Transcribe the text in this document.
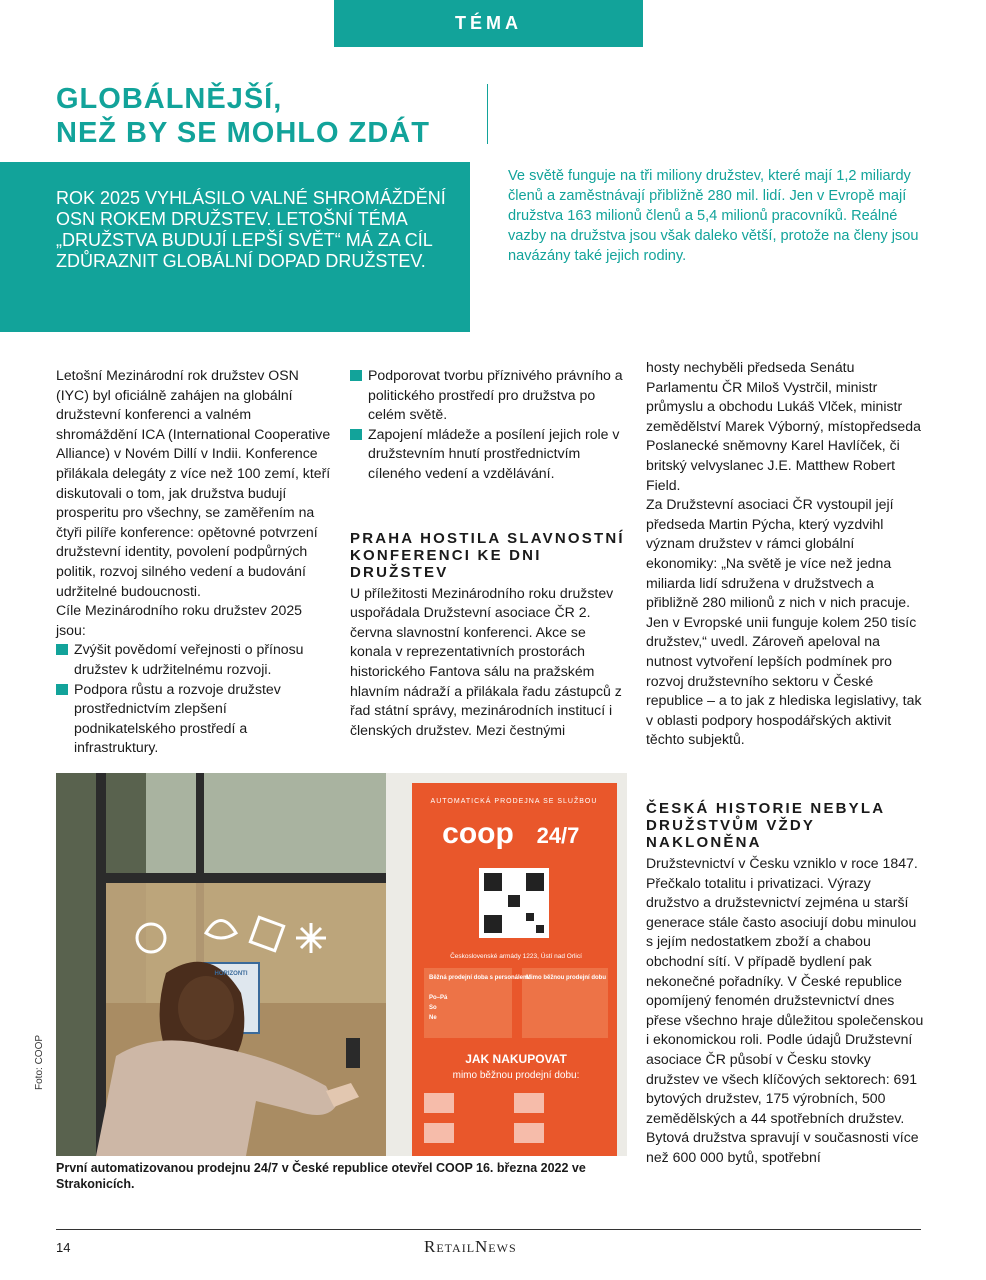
TÉMA
GLOBÁLNĚJŠÍ,
NEŽ BY SE MOHLO ZDÁT
ROK 2025 VYHLÁSILO VALNÉ SHROMÁŽDĚNÍ OSN ROKEM DRUŽSTEV. LETOŠNÍ TÉMA „DRUŽSTVA BUDUJÍ LEPŠÍ SVĚT“ MÁ ZA CÍL ZDŮRAZNIT GLOBÁLNÍ DOPAD DRUŽSTEV.
Ve světě funguje na tři miliony družstev, které mají 1,2 miliardy členů a zaměstnávají přibližně 280 mil. lidí. Jen v Evropě mají družstva 163 milionů členů a 5,4 milionů pracovníků. Reálné vazby na družstva jsou však daleko větší, protože na členy jsou navázány také jejich rodiny.

Letošní Mezinárodní rok družstev OSN (IYC) byl oficiálně zahájen na globální družstevní konferenci a valném shromáždění ICA (International Cooperative Alliance) v Novém Dillí v Indii. Konference přilákala delegáty z více než 100 zemí, kteří diskutovali o tom, jak družstva budují prosperitu pro všechny, se zaměřením na čtyři pilíře konference: opětovné potvrzení družstevní identity, povolení podpůrných politik, rozvoj silného vedení a budování udržitelné budoucnosti.

Cíle Mezinárodního roku družstev 2025 jsou:

Zvýšit povědomí veřejnosti o přínosu družstev k udržitelnému rozvoji.
Podpora růstu a rozvoje družstev prostřednictvím zlepšení podnikatelského prostředí a infrastruktury.
Podporovat tvorbu příznivého právního a politického prostředí pro družstva po celém světě.
Zapojení mládeže a posílení jejich role v družstevním hnutí prostřednictvím cíleného vedení a vzdělávání.
PRAHA HOSTILA SLAVNOSTNÍ KONFERENCI KE DNI DRUŽSTEV

U příležitosti Mezinárodního roku družstev uspořádala Družstevní asociace ČR 2. června slavnostní konferenci. Akce se konala v reprezentativních prostorách historického Fantova sálu na pražském hlavním nádraží a přilákala řadu zástupců z řad státní správy, mezinárodních institucí i členských družstev. Mezi čestnými

hosty nechyběli předseda Senátu Parlamentu ČR Miloš Vystrčil, ministr průmyslu a obchodu Lukáš Vlček, ministr zemědělství Marek Výborný, místopředseda Poslanecké sněmovny Karel Havlíček, či britský velvyslanec J.E. Matthew Robert Field.

Za Družstevní asociaci ČR vystoupil její předseda Martin Pýcha, který vyzdvihl význam družstev v rámci globální ekonomiky: „Na světě je více než jedna miliarda lidí sdružena v družstvech a přibližně 280 milionů z nich v nich pracuje. Jen v Evropské unii funguje kolem 250 tisíc družstev,“ uvedl. Zároveň apeloval na nutnost vytvoření lepších podmínek pro rozvoj družstevního sektoru v České republice – a to jak z hlediska legislativy, tak v oblasti podpory hospodářských aktivit těchto subjektů.

ČESKÁ HISTORIE NEBYLA DRUŽSTVŮM VŽDY NAKLONĚNA

Družstevnictví v Česku vzniklo v roce 1847. Přečkalo totalitu i privatizaci. Výrazy družstvo a družstevnictví zejména u starší generace stále často asociují dobu minulou s jejím nedostatkem zboží a chabou obchodní sítí. V případě bydlení pak nekonečné pořadníky. V České republice opomíjený fenomén družstevnictví dnes přese všechno hraje důležitou společenskou i ekonomickou roli. Podle údajů Družstevní asociace ČR působí v Česku stovky družstev ve všech klíčových sektorech: 691 bytových družstev, 175 výrobních, 500 zemědělských a 44 spotřebních družstev. Bytová družstva spravují v současnosti více než 600 000 bytů, spotřební

AUTOMATICKÁ PRODEJNA SE SLUŽBOU
coop 24/7
Československé armády 1223, Ústí nad Orlicí
Běžná prodejní doba s personálem:
Mimo běžnou prodejní dobu
Po–Pá
So
Ne
JAK NAKUPOVAT
mimo běžnou prodejní dobu:
HORIZONTI
Foto: COOP
První automatizovanou prodejnu 24/7 v České republice otevřel COOP 16. března 2022 ve Strakonicích.
14	RetailNews
